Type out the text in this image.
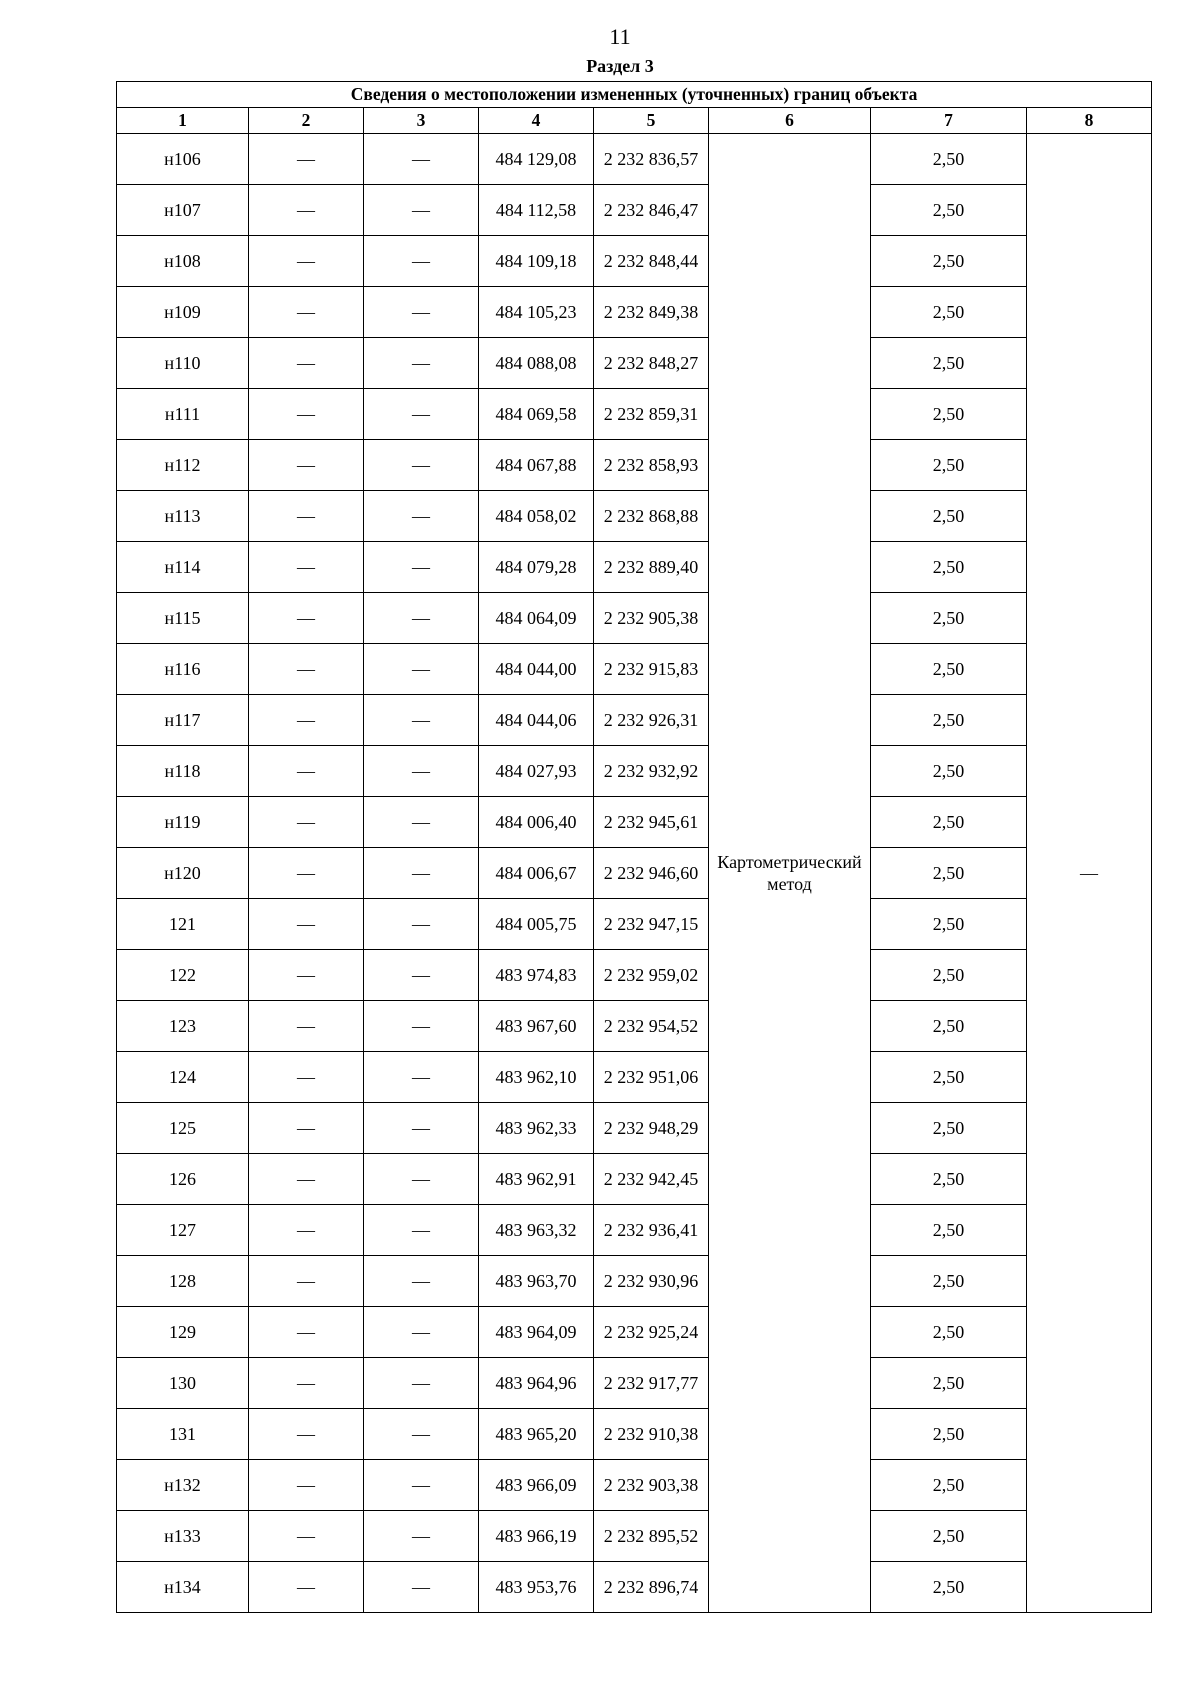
11
Раздел 3
Сведения о местоположении измененных (уточненных) границ объекта							
1	2	3	4	5	6	7	8
н106	—	—	484 129,08	2 232 836,57	Картометрический метод	2,50	—
н107	—	—	484 112,58	2 232 846,47		2,50	
н108	—	—	484 109,18	2 232 848,44		2,50	
н109	—	—	484 105,23	2 232 849,38		2,50	
н110	—	—	484 088,08	2 232 848,27		2,50	
н111	—	—	484 069,58	2 232 859,31		2,50	
н112	—	—	484 067,88	2 232 858,93		2,50	
н113	—	—	484 058,02	2 232 868,88		2,50	
н114	—	—	484 079,28	2 232 889,40		2,50	
н115	—	—	484 064,09	2 232 905,38		2,50	
н116	—	—	484 044,00	2 232 915,83		2,50	
н117	—	—	484 044,06	2 232 926,31		2,50	
н118	—	—	484 027,93	2 232 932,92		2,50	
н119	—	—	484 006,40	2 232 945,61		2,50	
н120	—	—	484 006,67	2 232 946,60		2,50	
121	—	—	484 005,75	2 232 947,15		2,50	
122	—	—	483 974,83	2 232 959,02		2,50	
123	—	—	483 967,60	2 232 954,52		2,50	
124	—	—	483 962,10	2 232 951,06		2,50	
125	—	—	483 962,33	2 232 948,29		2,50	
126	—	—	483 962,91	2 232 942,45		2,50	
127	—	—	483 963,32	2 232 936,41		2,50	
128	—	—	483 963,70	2 232 930,96		2,50	
129	—	—	483 964,09	2 232 925,24		2,50	
130	—	—	483 964,96	2 232 917,77		2,50	
131	—	—	483 965,20	2 232 910,38		2,50	
н132	—	—	483 966,09	2 232 903,38		2,50	
н133	—	—	483 966,19	2 232 895,52		2,50	
н134	—	—	483 953,76	2 232 896,74		2,50	
